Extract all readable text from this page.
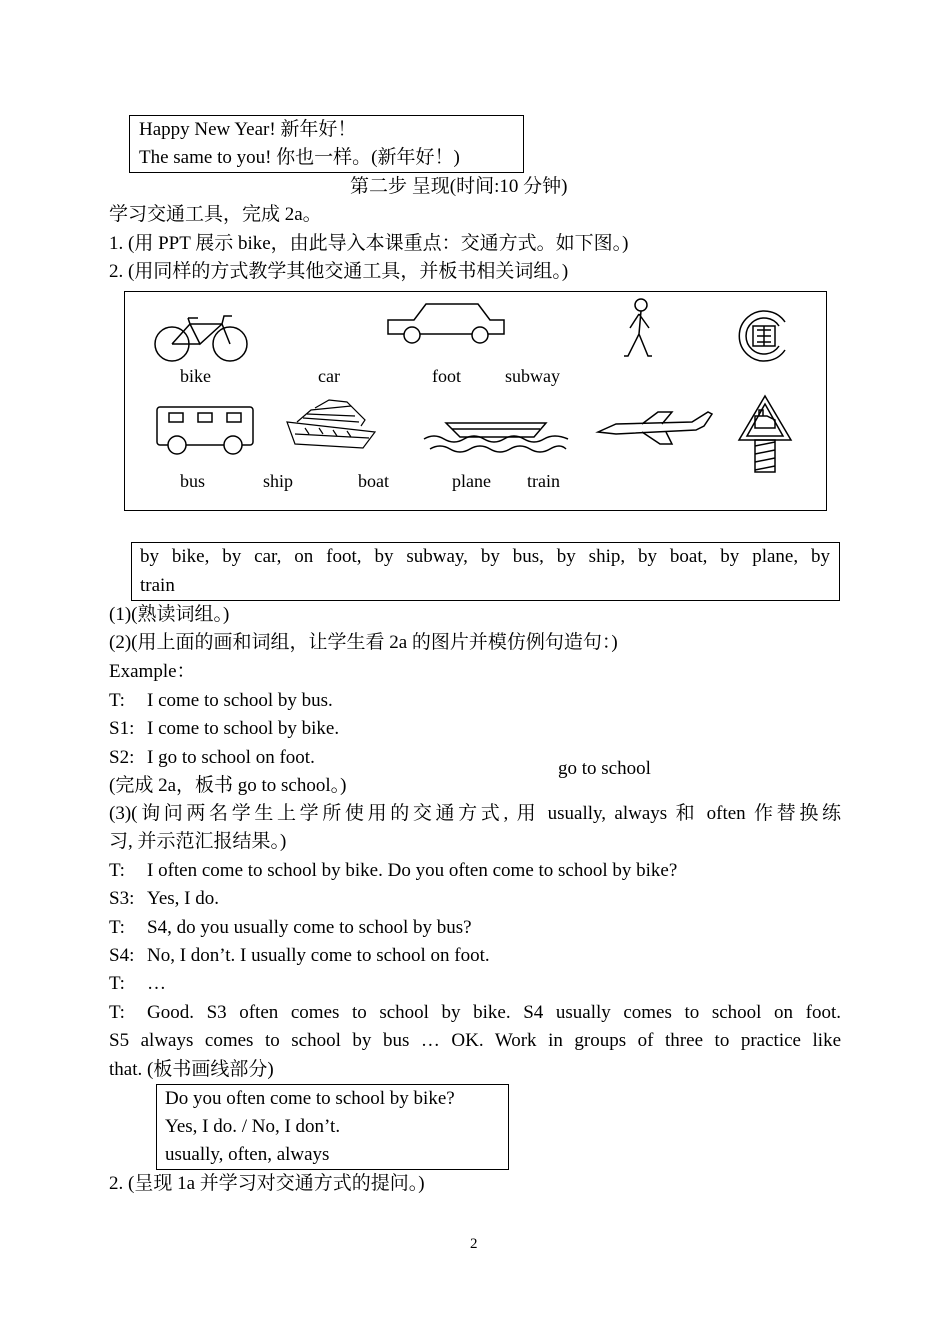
Happy New Year! 新年好！
The same to you! 你也一样。(新年好！)
第二步 呈现(时间:10 分钟)
学习交通工具，完成 2a。
1. (用 PPT 展示 bike，由此导入本课重点：交通方式。如下图。)
2. (用同样的方式教学其他交通工具，并板书相关词组。)
bike	car	foot subway
bus	ship	boat	plane train
by bike, by car, on foot, by subway, by bus, by ship, by boat, by plane, by
train
(1)(熟读词组。)
(2)(用上面的画和词组，让学生看 2a 的图片并模仿例句造句：)
Example：
T: I come to school by bus.
S1: I come to school by bike.
S2: I go to school on foot.
go to school
(完成 2a，板书 go to school。)
(3)(询问两名学生上学所使用的交通方式, 用 usually, always 和 often 作替换练
习, 并示范汇报结果。)
T: I often come to school by bike. Do you often come to school by bike?
S3: Yes, I do.
T: S4, do you usually come to school by bus?
S4: No, I don’t. I usually come to school on foot.
T: …
T: Good. S3 often comes to school by bike. S4 usually comes to school on foot.
S5 always comes to school by bus … OK. Work in groups of three to practice like
that. (板书画线部分)
Do you often come to school by bike?
Yes, I do. / No, I don’t.
usually, often, always
2. (呈现 1a 并学习对交通方式的提问。)
2
